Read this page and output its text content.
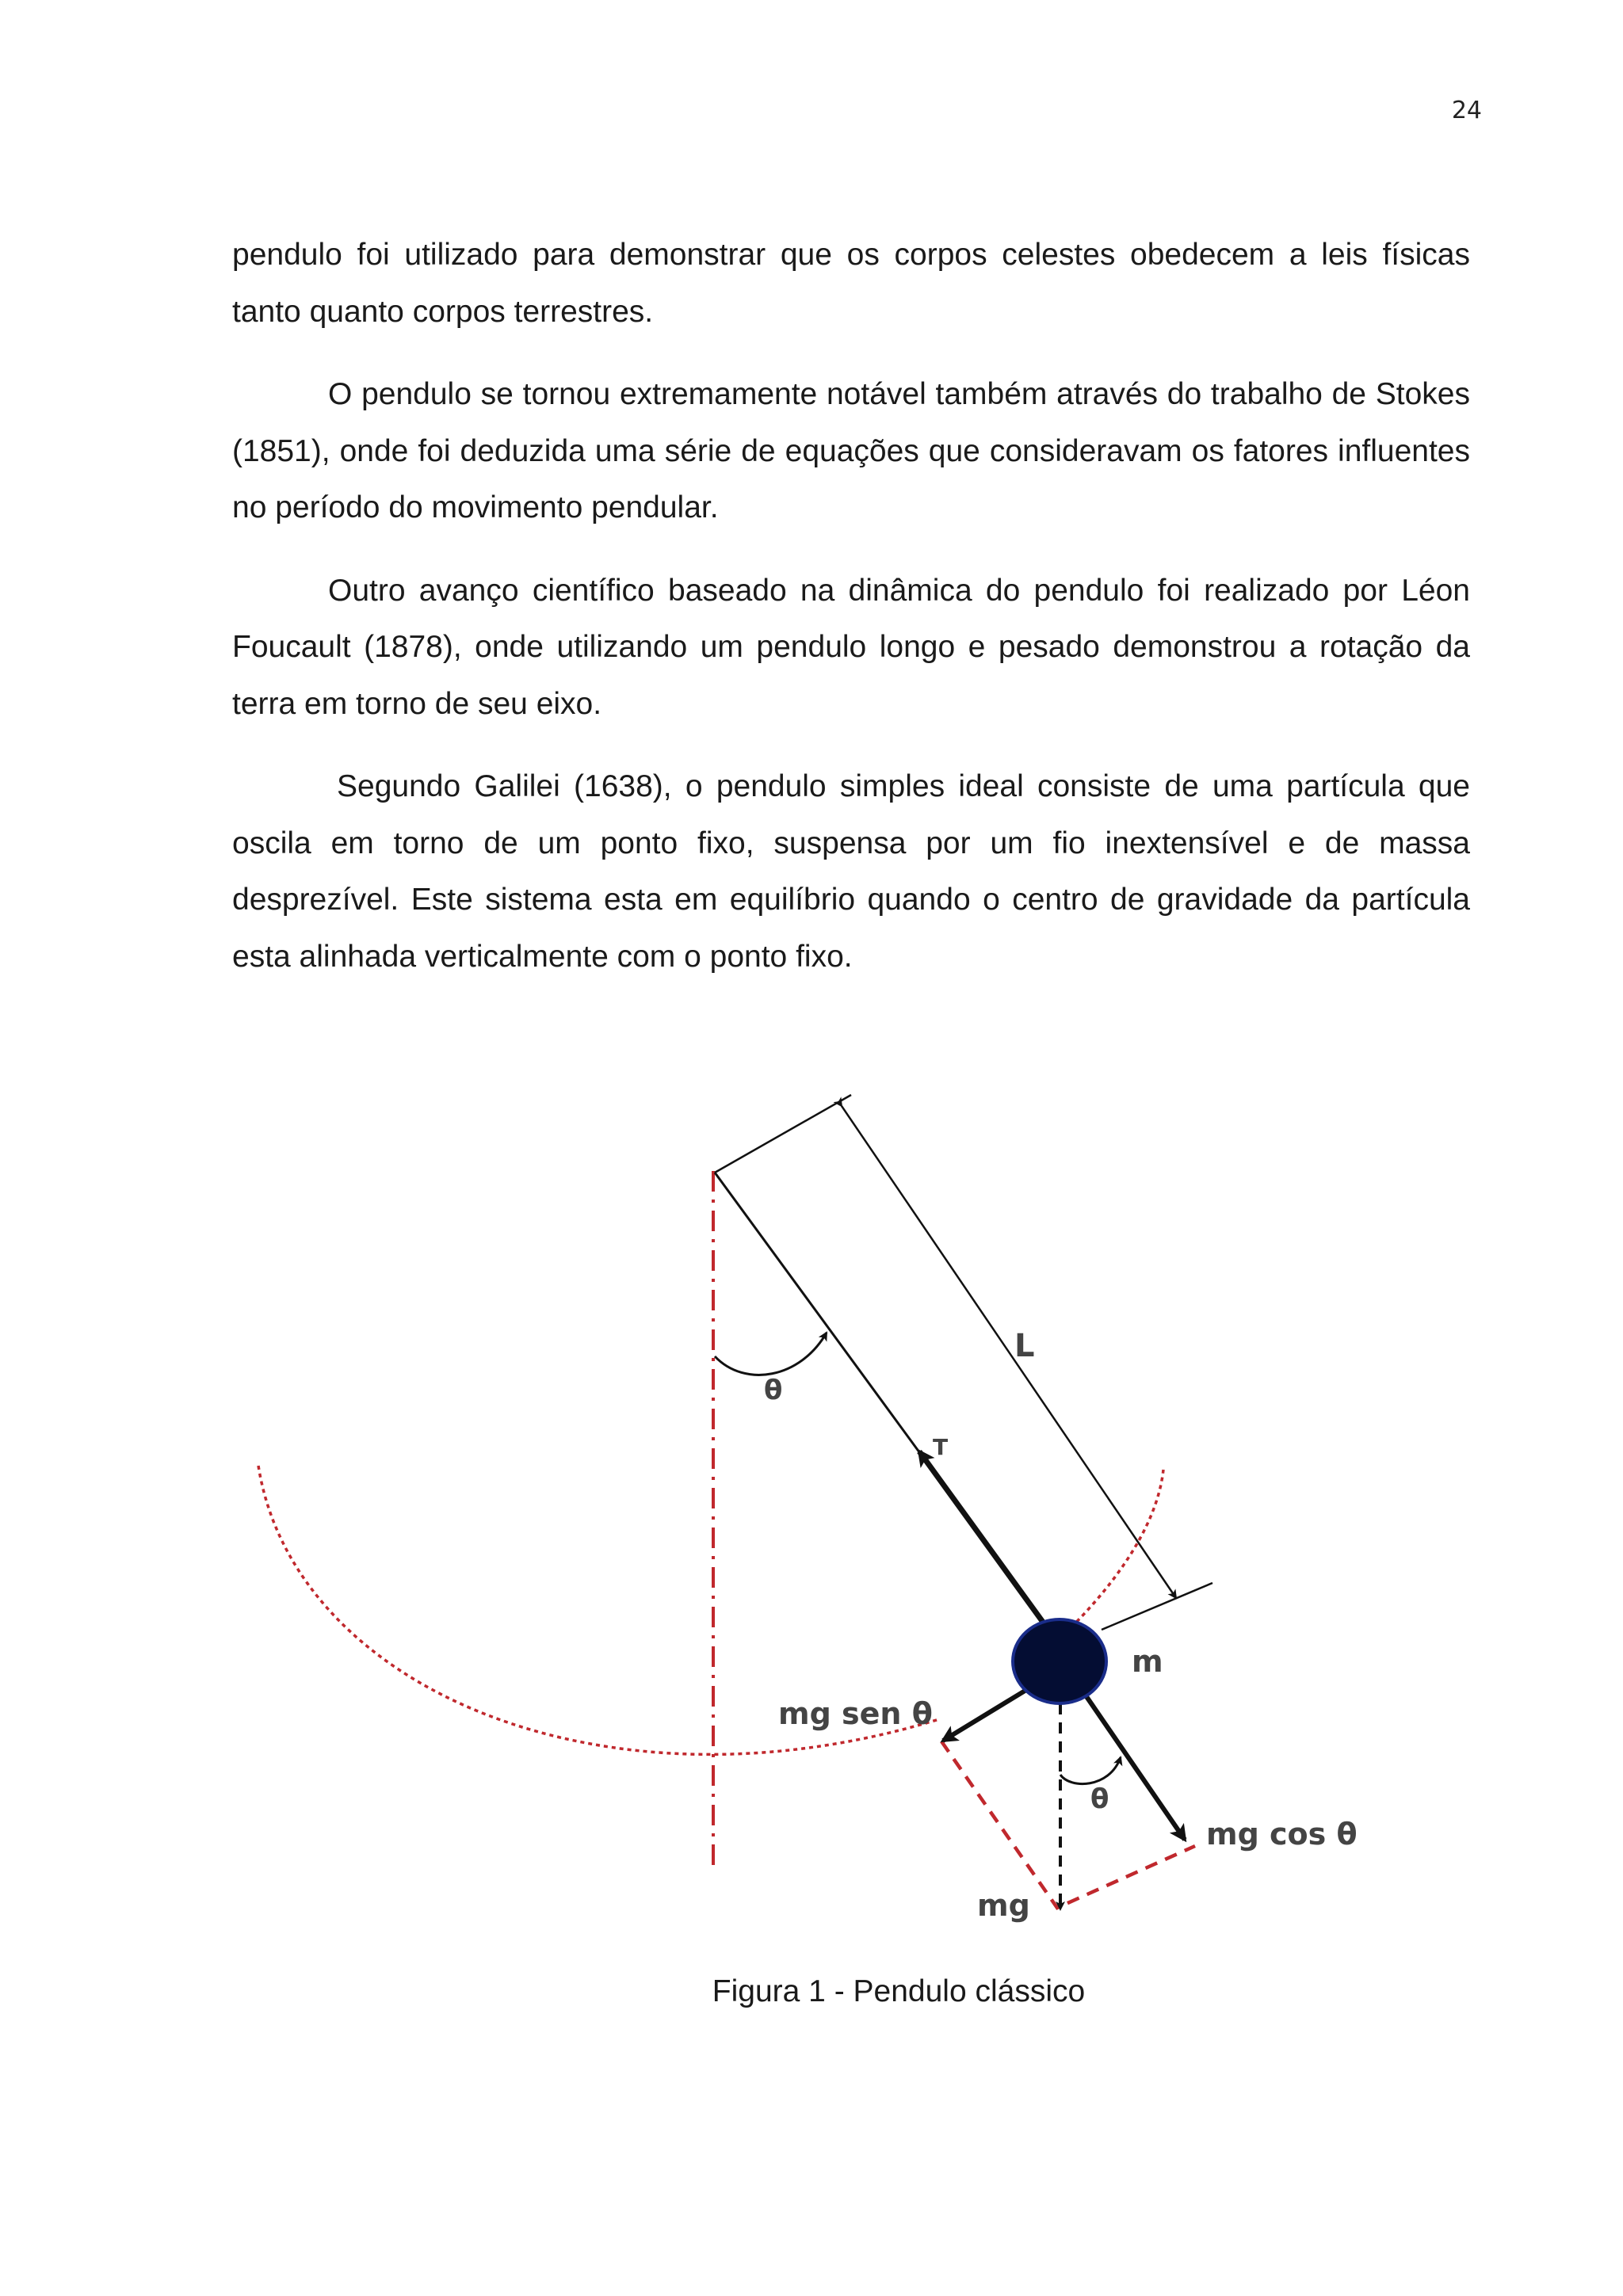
24

pendulo foi utilizado para demonstrar que os corpos celestes obedecem a leis físicas tanto quanto corpos terrestres.

O pendulo se tornou extremamente notável também através do trabalho de Stokes (1851), onde foi deduzida uma série de equações que consideravam os fatores influentes no período do movimento pendular.

Outro avanço científico baseado na dinâmica do pendulo foi realizado por Léon Foucault (1878), onde utilizando um pendulo longo e pesado demonstrou a rotação da terra em torno de seu eixo.

Segundo Galilei (1638), o pendulo simples ideal consiste de uma partícula que oscila em torno de um ponto fixo, suspensa por um fio inextensível e de massa desprezível. Este sistema esta em equilíbrio quando o centro de gravidade da partícula esta alinhada verticalmente com o ponto fixo.

θ
L
T
m
mg sen θ
θ
mg cos θ
mg
Figura 1 - Pendulo clássico
